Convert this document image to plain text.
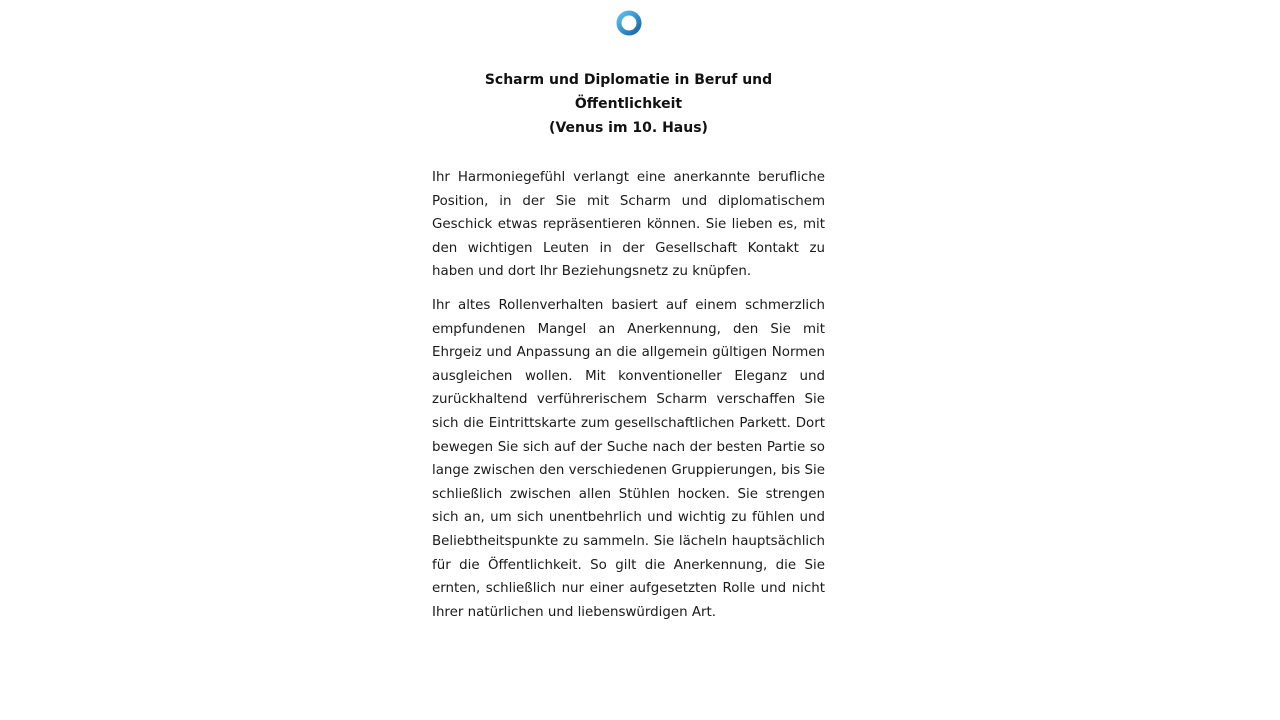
Scharm und Diplomatie in Beruf und
Öffentlichkeit
(Venus im 10. Haus)

Ihr Harmoniegefühl verlangt eine anerkannte berufliche Position, in der Sie mit Scharm und diplomatischem Geschick etwas repräsentieren können. Sie lieben es, mit den wichtigen Leuten in der Gesellschaft Kontakt zu haben und dort Ihr Beziehungsnetz zu knüpfen.

Ihr altes Rollenverhalten basiert auf einem schmerzlich empfundenen Mangel an Anerkennung, den Sie mit Ehrgeiz und Anpassung an die allgemein gültigen Normen ausgleichen wollen. Mit konventioneller Eleganz und zurückhaltend verführerischem Scharm verschaffen Sie sich die Eintrittskarte zum gesellschaftlichen Parkett. Dort bewegen Sie sich auf der Suche nach der besten Partie so lange zwischen den verschiedenen Gruppierungen, bis Sie schließlich zwischen allen Stühlen hocken. Sie strengen sich an, um sich unentbehrlich und wichtig zu fühlen und Beliebtheitspunkte zu sammeln. Sie lächeln hauptsächlich für die Öffentlichkeit. So gilt die Anerkennung, die Sie ernten, schließlich nur einer aufgesetzten Rolle und nicht Ihrer natürlichen und liebenswürdigen Art.
